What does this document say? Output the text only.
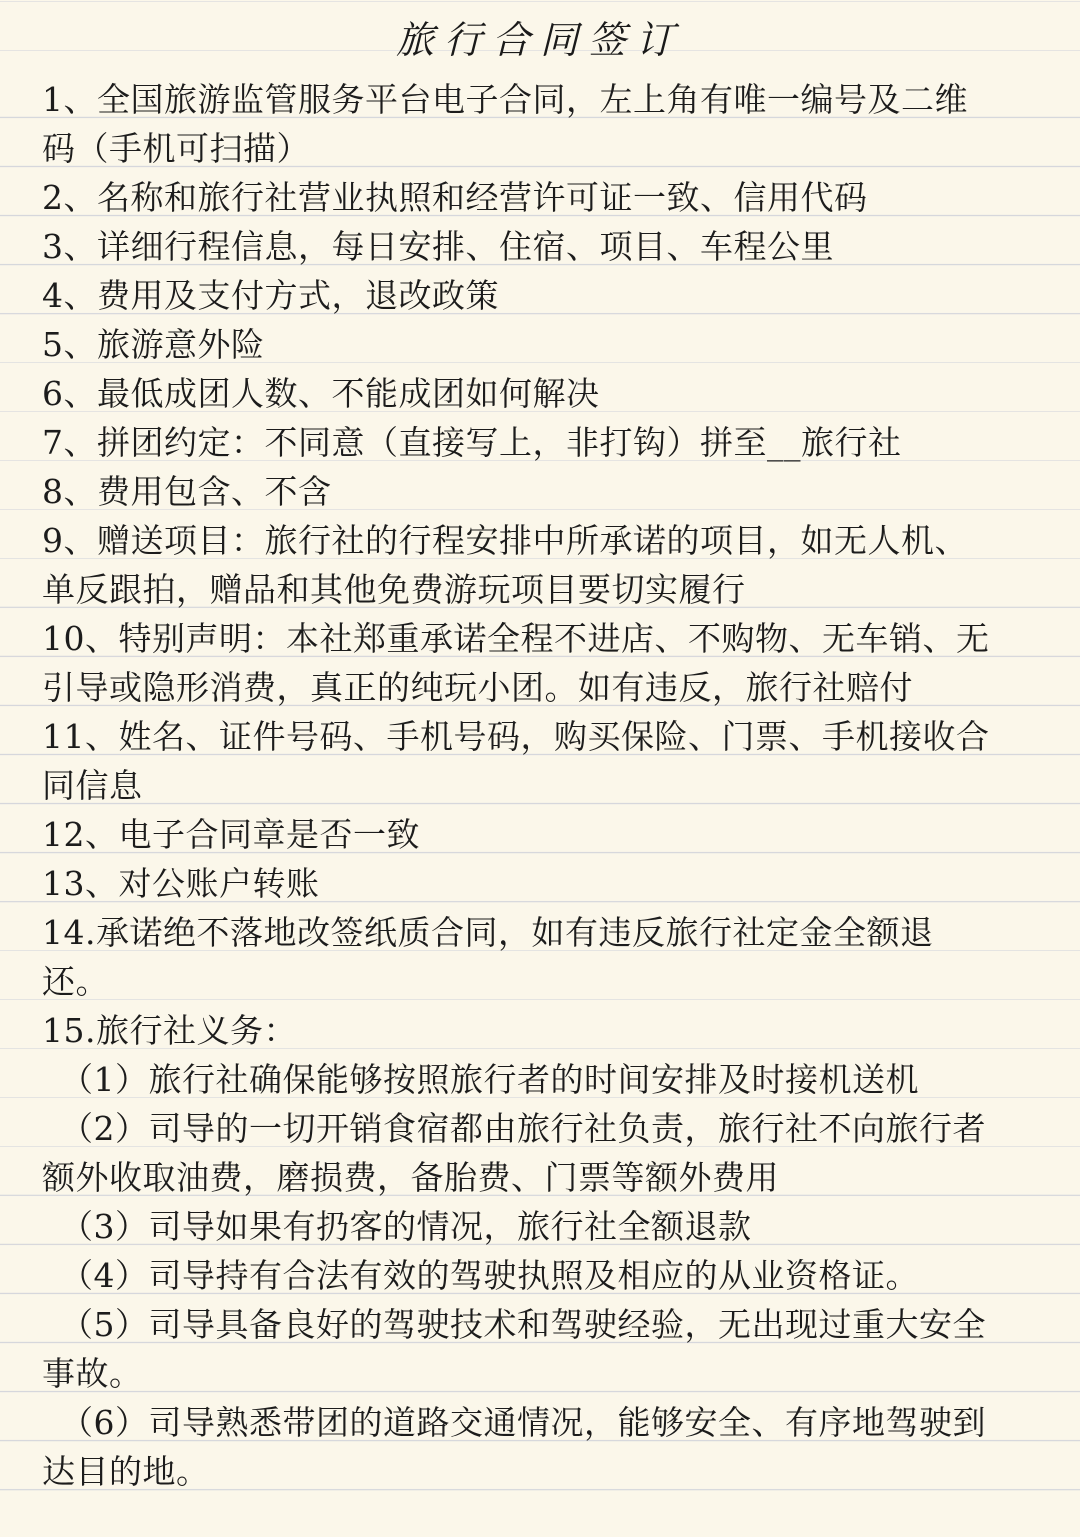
旅行合同签订
1、全国旅游监管服务平台电子合同，左上角有唯一编号及二维
码（手机可扫描）
2、名称和旅行社营业执照和经营许可证一致、信用代码
3、详细行程信息，每日安排、住宿、项目、车程公里
4、费用及支付方式，退改政策
5、旅游意外险
6、最低成团人数、不能成团如何解决
7、拼团约定：不同意（直接写上，非打钩）拼至__旅行社
8、费用包含、不含
9、赠送项目：旅行社的行程安排中所承诺的项目，如无人机、
单反跟拍，赠品和其他免费游玩项目要切实履行
10、特别声明：本社郑重承诺全程不进店、不购物、无车销、无
引导或隐形消费，真正的纯玩小团。如有违反，旅行社赔付
11、姓名、证件号码、手机号码，购买保险、门票、手机接收合
同信息
12、电子合同章是否一致
13、对公账户转账
14.承诺绝不落地改签纸质合同，如有违反旅行社定金全额退
还。
15.旅行社义务：
（1）旅行社确保能够按照旅行者的时间安排及时接机送机
（2）司导的一切开销食宿都由旅行社负责，旅行社不向旅行者
额外收取油费，磨损费，备胎费、门票等额外费用
（3）司导如果有扔客的情况，旅行社全额退款
（4）司导持有合法有效的驾驶执照及相应的从业资格证。
（5）司导具备良好的驾驶技术和驾驶经验，无出现过重大安全
事故。
（6）司导熟悉带团的道路交通情况，能够安全、有序地驾驶到
达目的地。
